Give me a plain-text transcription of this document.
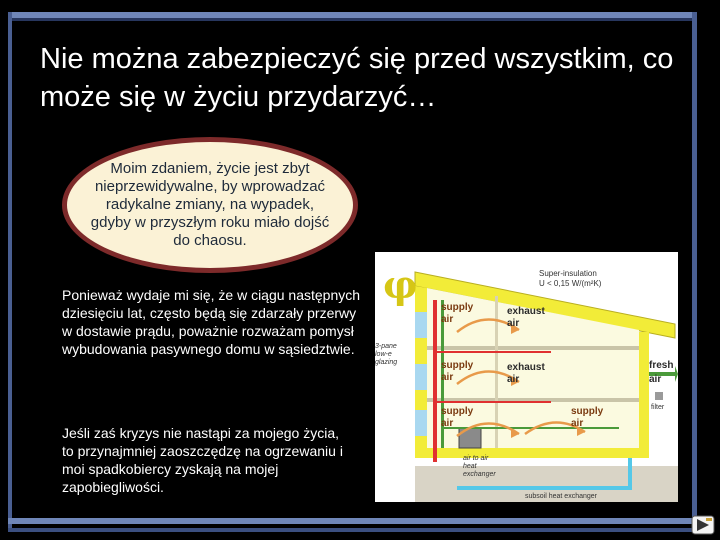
Nie można zabezpieczyć się przed wszystkim, co może się w życiu przydarzyć…
Moim zdaniem, życie jest zbyt nieprzewidywalne, by wprowadzać radykalne zmiany, na wypadek, gdyby w przyszłym roku miało dojść do chaosu.

Ponieważ wydaje mi się, że w ciągu następnych dziesięciu lat, często będą się zdarzały przerwy w dostawie prądu, poważnie rozważam pomysł wybudowania pasywnego domu w sąsiedztwie.

Jeśli zaś kryzys nie nastąpi za mojego życia, to przynajmniej zaoszczędzę na ogrzewaniu i moi spadkobiercy zyskają na mojej zapobiegliwości.

φ	Super-insulation
U < 0,15 W/(m²K)
3-pane
low-e
glazing
supply
air
exhaust
air
supply
air
exhaust
air
supply
air
supply
air
fresh
air
filter
air to air
heat
exchanger
subsoil heat exchanger
